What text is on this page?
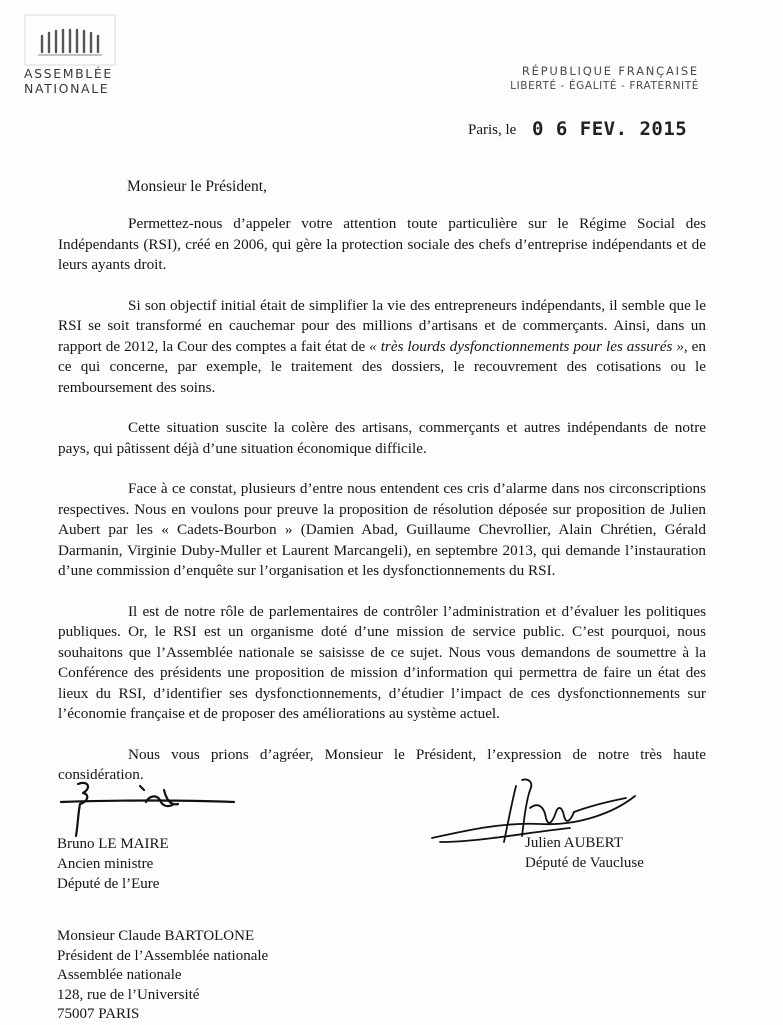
ASSEMBLÉE
NATIONALE
RÉPUBLIQUE FRANÇAISE
LIBERTÉ - ÉGALITÉ - FRATERNITÉ
Paris, le 0 6 FEV. 2015
Monsieur le Président,

Permettez-nous d’appeler votre attention toute particulière sur le Régime Social des Indépendants (RSI), créé en 2006, qui gère la protection sociale des chefs d’entreprise indépendants et de leurs ayants droit.

Si son objectif initial était de simplifier la vie des entrepreneurs indépendants, il semble que le RSI se soit transformé en cauchemar pour des millions d’artisans et de commerçants. Ainsi, dans un rapport de 2012, la Cour des comptes a fait état de « très lourds dysfonctionnements pour les assurés », en ce qui concerne, par exemple, le traitement des dossiers, le recouvrement des cotisations ou le remboursement des soins.

Cette situation suscite la colère des artisans, commerçants et autres indépendants de notre pays, qui pâtissent déjà d’une situation économique difficile.

Face à ce constat, plusieurs d’entre nous entendent ces cris d’alarme dans nos circonscriptions respectives. Nous en voulons pour preuve la proposition de résolution déposée sur proposition de Julien Aubert par les « Cadets-Bourbon » (Damien Abad, Guillaume Chevrollier, Alain Chrétien, Gérald Darmanin, Virginie Duby-Muller et Laurent Marcangeli), en septembre 2013, qui demande l’instauration d’une commission d’enquête sur l’organisation et les dysfonctionnements du RSI.

Il est de notre rôle de parlementaires de contrôler l’administration et d’évaluer les politiques publiques. Or, le RSI est un organisme doté d’une mission de service public. C’est pourquoi, nous souhaitons que l’Assemblée nationale se saisisse de ce sujet. Nous vous demandons de soumettre à la Conférence des présidents une proposition de mission d’information qui permettra de faire un état des lieux du RSI, d’identifier ses dysfonctionnements, d’étudier l’impact de ces dysfonctionnements sur l’économie française et de proposer des améliorations au système actuel.

Nous vous prions d’agréer, Monsieur le Président, l’expression de notre très haute considération.

Bruno LE MAIRE
Ancien ministre
Député de l’Eure
Julien AUBERT
Député de Vaucluse
Monsieur Claude BARTOLONE
Président de l’Assemblée nationale
Assemblée nationale
128, rue de l’Université
75007 PARIS
